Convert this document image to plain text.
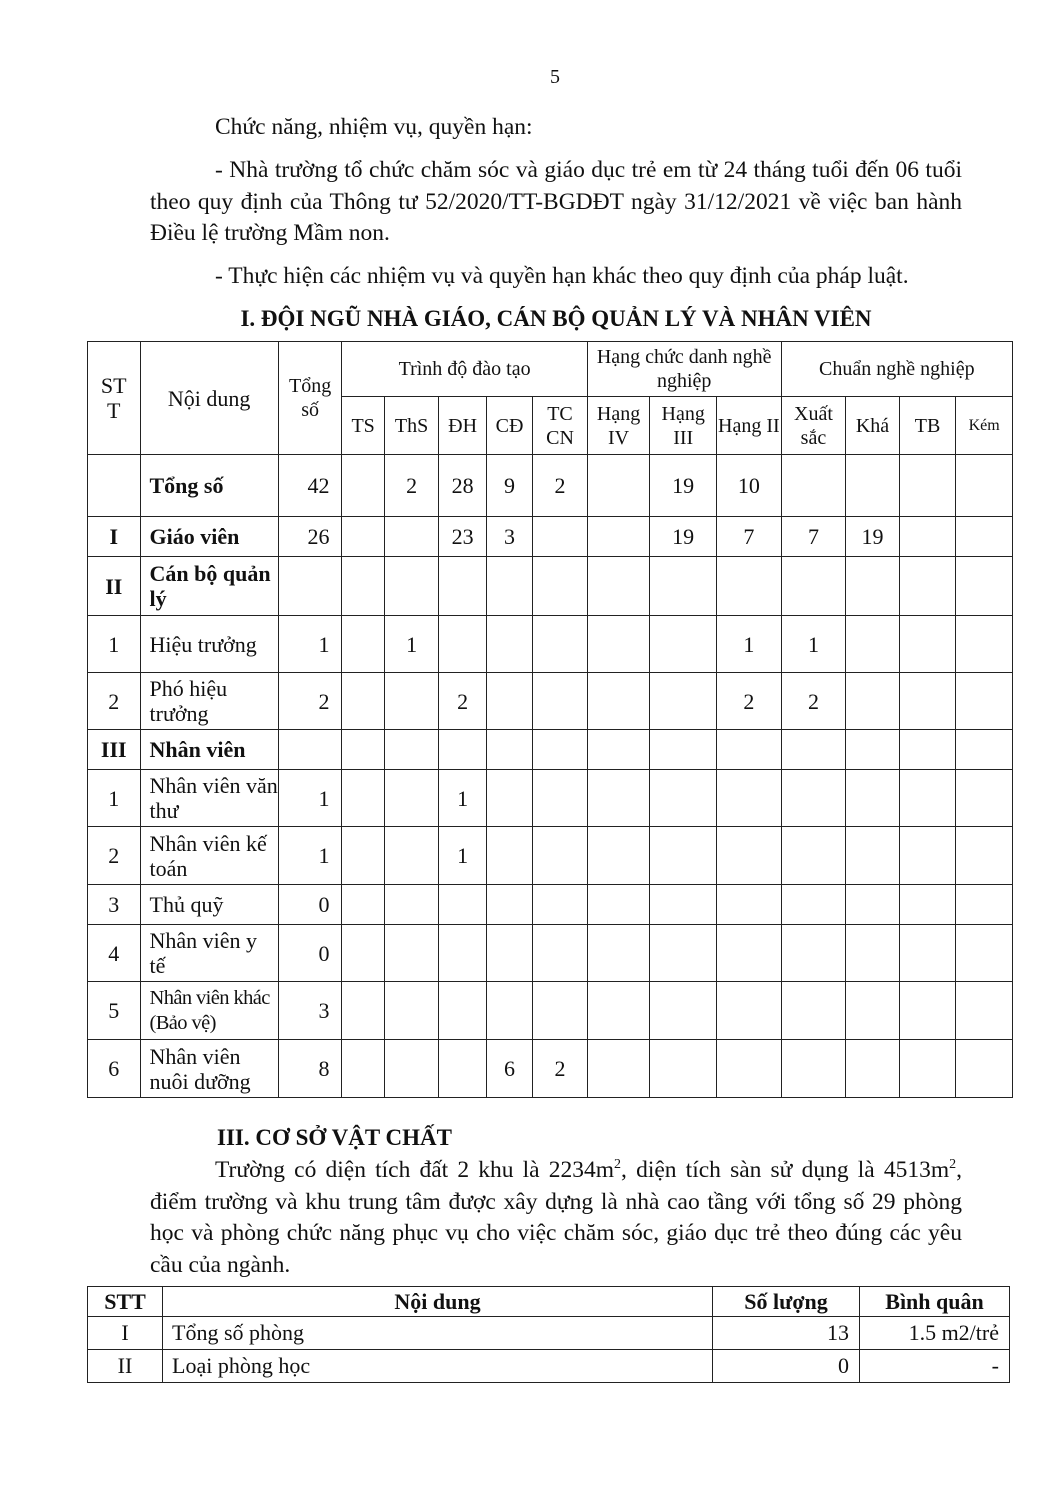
5
Chức năng, nhiệm vụ, quyền hạn:
- Nhà trường tổ chức chăm sóc và giáo dục trẻ em từ 24 tháng tuổi đến 06 tuổi theo quy định của Thông tư 52/2020/TT-BGDĐT ngày 31/12/2021 về việc ban hành Điều lệ trường Mầm non.
- Thực hiện các nhiệm vụ và quyền hạn khác theo quy định của pháp luật.
I. ĐỘI NGŨ NHÀ GIÁO, CÁN BỘ QUẢN LÝ VÀ NHÂN VIÊN
ST T	Nội dung	Tổng số	Trình độ đào tạo					Hạng chức danh nghề nghiệp			Chuẩn nghề nghiệp			
			TS	ThS	ĐH	CĐ	TC CN	Hạng IV	Hạng III	Hạng II	Xuất sắc	Khá	TB	Kém
	Tổng số	42		2	28	9	2		19	10				
I	Giáo viên	26			23	3			19	7	7	19		
II	Cán bộ quản lý													
1	Hiệu trưởng	1		1						1	1			
2	Phó hiệu trưởng	2			2					2	2			
III	Nhân viên													
1	Nhân viên văn thư	1			1									
2	Nhân viên kế toán	1			1									
3	Thủ quỹ	0												
4	Nhân viên y tế	0												
5	Nhân viên khác (Bảo vệ)	3												
6	Nhân viên nuôi dưỡng	8				6	2							
III. CƠ SỞ VẬT CHẤT
Trường có diện tích đất 2 khu là $2234m^2$, diện tích sàn sử dụng là $4513m^2$, điểm trường và khu trung tâm được xây dựng là nhà cao tầng với tổng số 29 phòng học và phòng chức năng phục vụ cho việc chăm sóc, giáo dục trẻ theo đúng các yêu cầu của ngành.
STT	Nội dung	Số lượng	Bình quân
I	Tổng số phòng	13	1.5 m2/trẻ
II	Loại phòng học	0	-
